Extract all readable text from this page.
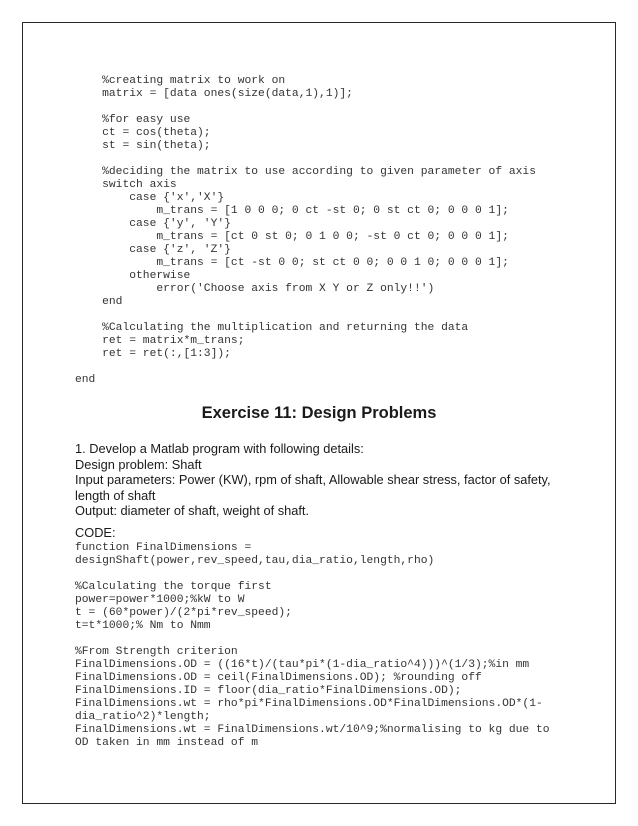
%creating matrix to work on
matrix = [data ones(size(data,1),1)];
%for easy use
ct = cos(theta);
st = sin(theta);
%deciding the matrix to use according to given parameter of axis
switch axis
case {'x','X'}
m_trans = [1 0 0 0; 0 ct -st 0; 0 st ct 0; 0 0 0 1];
case {'y', 'Y'}
m_trans = [ct 0 st 0; 0 1 0 0; -st 0 ct 0; 0 0 0 1];
case {'z', 'Z'}
m_trans = [ct -st 0 0; st ct 0 0; 0 0 1 0; 0 0 0 1];
otherwise
error('Choose axis from X Y or Z only!!')
end
%Calculating the multiplication and returning the data
ret = matrix*m_trans;
ret = ret(:,[1:3]);
end
Exercise 11: Design Problems
1. Develop a Matlab program with following details:
Design problem: Shaft
Input parameters: Power (KW), rpm of shaft, Allowable shear stress, factor of safety,
length of shaft
Output: diameter of shaft, weight of shaft.
CODE:
function FinalDimensions =
designShaft(power,rev_speed,tau,dia_ratio,length,rho)
%Calculating the torque first
power=power*1000;%kW to W
t = (60*power)/(2*pi*rev_speed);
t=t*1000;% Nm to Nmm
%From Strength criterion
FinalDimensions.OD = ((16*t)/(tau*pi*(1-dia_ratio^4)))^(1/3);%in mm
FinalDimensions.OD = ceil(FinalDimensions.OD); %rounding off
FinalDimensions.ID = floor(dia_ratio*FinalDimensions.OD);
FinalDimensions.wt = rho*pi*FinalDimensions.OD*FinalDimensions.OD*(1-
dia_ratio^2)*length;
FinalDimensions.wt = FinalDimensions.wt/10^9;%normalising to kg due to
OD taken in mm instead of m
